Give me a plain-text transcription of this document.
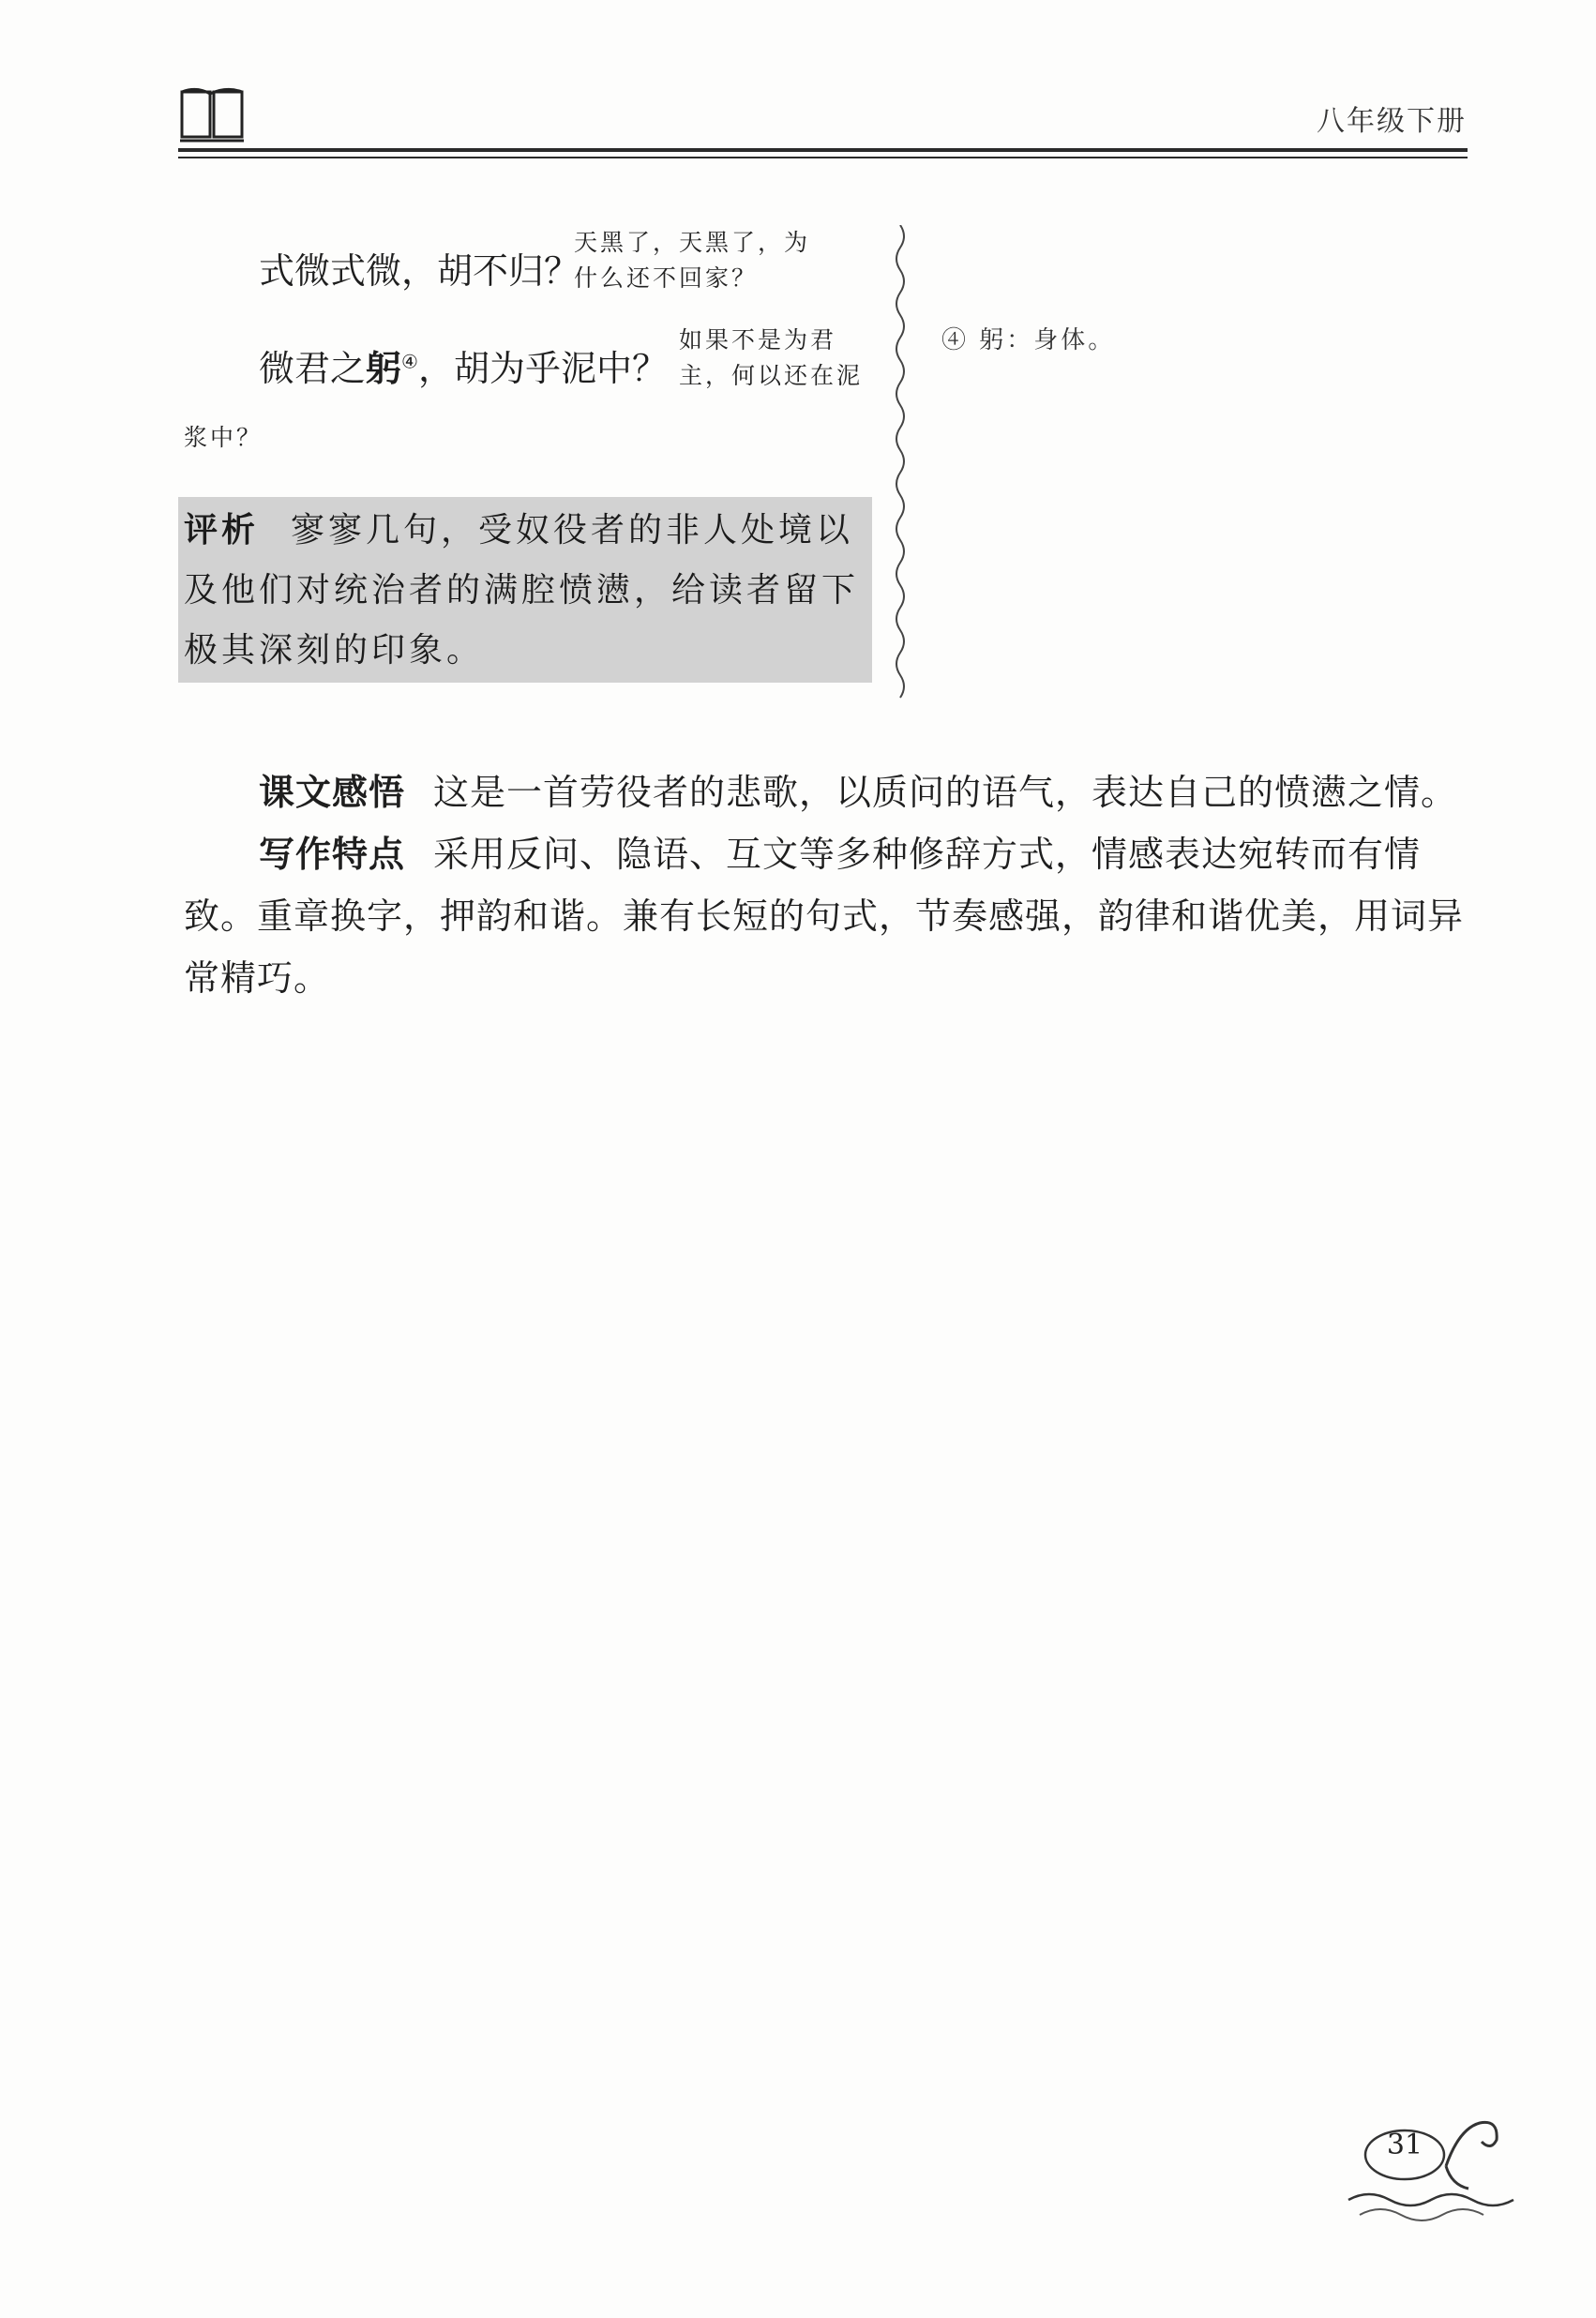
八年级下册
式微式微，胡不归？
天黑了，天黑了，为
什么还不回家？
微君之躬④，胡为乎泥中？
如果不是为君
主，何以还在泥
浆中？
评析 寥寥几句，受奴役者的非人处境以及他们对统治者的满腔愤懑，给读者留下极其深刻的印象。
④ 躬：身体。
课文感悟 这是一首劳役者的悲歌，以质问的语气，表达自己的愤懑之情。
写作特点 采用反问、隐语、互文等多种修辞方式，情感表达宛转而有情致。重章换字，押韵和谐。兼有长短的句式，节奏感强，韵律和谐优美，用词异常精巧。
31
